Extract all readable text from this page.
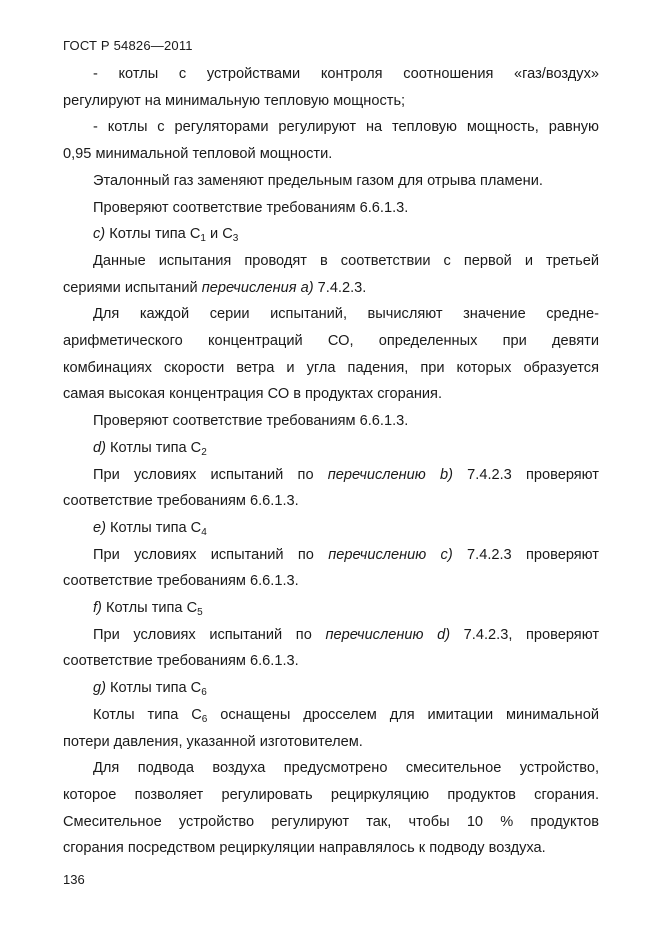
ГОСТ Р 54826—2011

-  котлы  с  устройствами  контроля  соотношения  «газ/воздух»

регулируют на минимальную тепловую мощность;

- котлы с регуляторами регулируют на тепловую мощность, равную

0,95 минимальной тепловой мощности.

Эталонный газ заменяют предельным газом для отрыва пламени.

Проверяют соответствие требованиям 6.6.1.3.

c) Котлы типа $С_1$ и $С_3$

Данные испытания проводят в соответствии с первой и третьей

сериями испытаний перечисления а) 7.4.2.3.

Для   каждой   серии   испытаний,   вычисляют   значение   средне-

арифметического концентраций СО, определенных при девяти

комбинациях скорости ветра и угла падения, при которых образуется

самая высокая концентрация СО в продуктах сгорания.

Проверяют соответствие требованиям 6.6.1.3.

d) Котлы типа $С_2$

При условиях испытаний по перечислению b) 7.4.2.3 проверяют

соответствие требованиям 6.6.1.3.

e) Котлы типа $С_4$

При условиях испытаний по перечислению с) 7.4.2.3 проверяют

соответствие требованиям 6.6.1.3.

f) Котлы типа $С_5$

При условиях испытаний по перечислению d) 7.4.2.3, проверяют

соответствие требованиям 6.6.1.3.

g) Котлы типа $С_6$

Котлы типа $С_6$ оснащены дросселем для имитации минимальной

потери давления, указанной изготовителем.

Для подвода воздуха предусмотрено смесительное устройство,

которое позволяет регулировать рециркуляцию продуктов сгорания.

Смесительное устройство регулируют так, чтобы 10 % продуктов

сгорания посредством рециркуляции направлялось к подводу воздуха.

136
